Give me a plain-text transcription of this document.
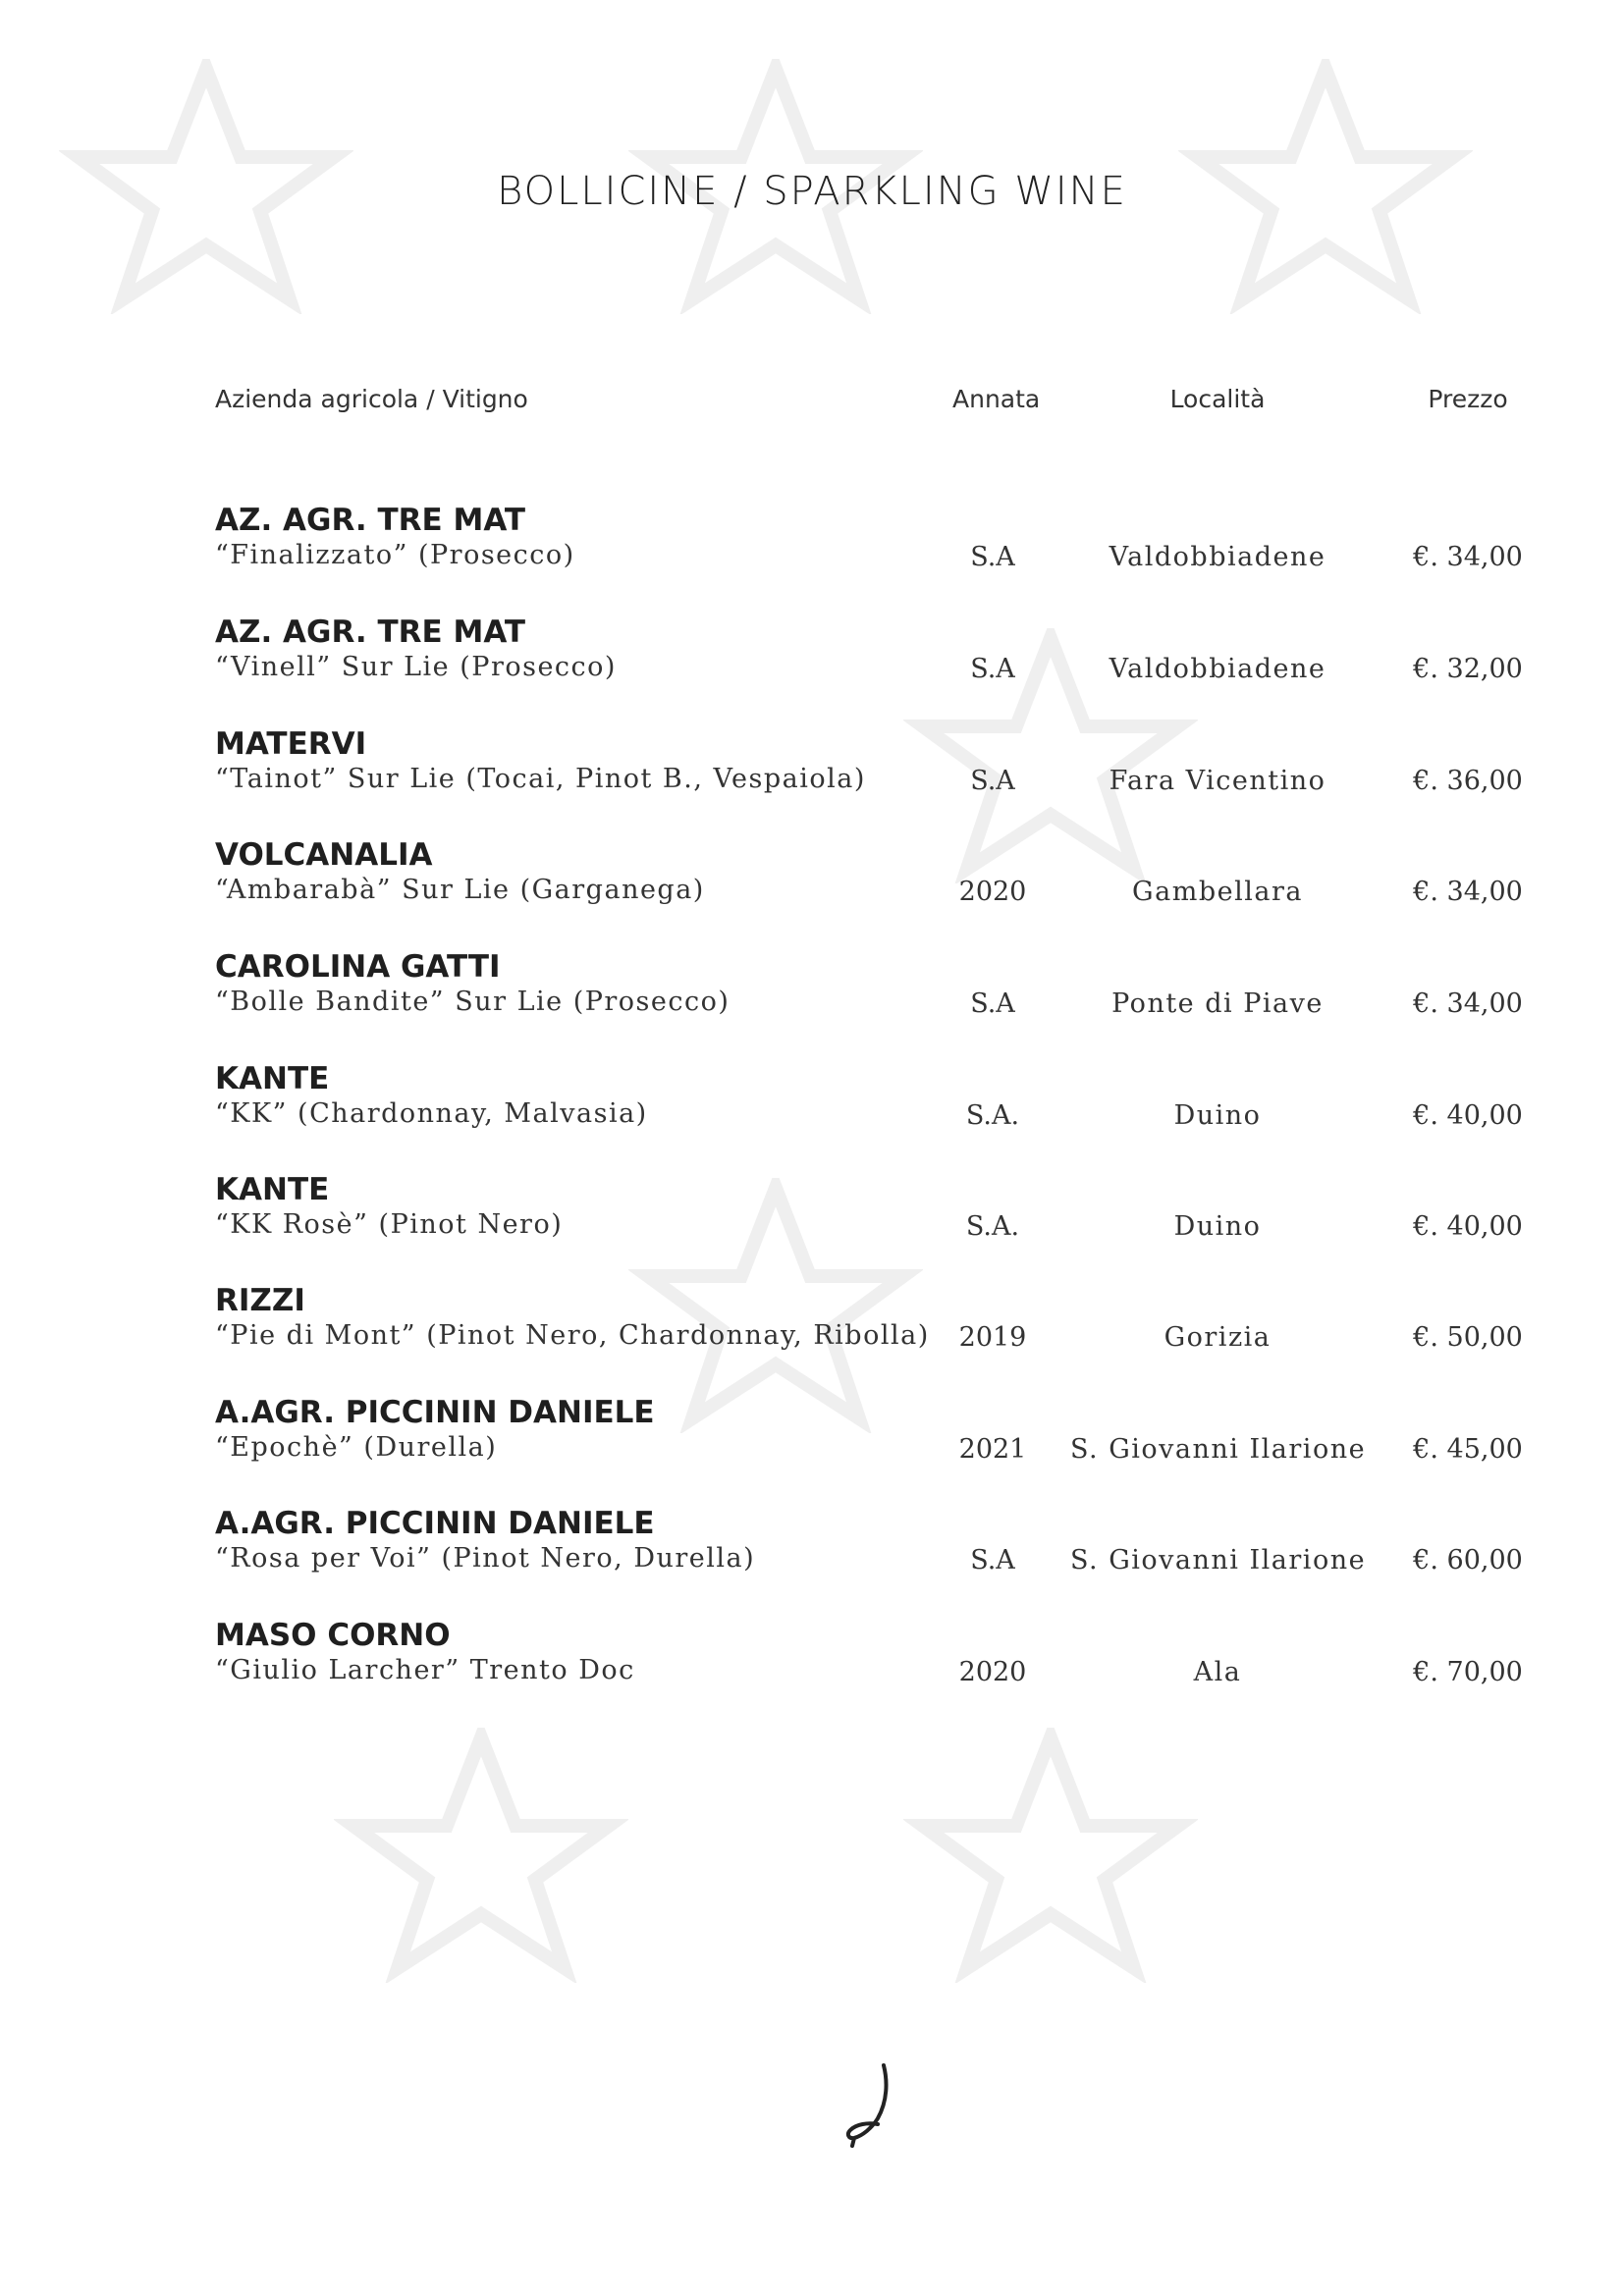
BOLLICINE / SPARKLING WINE
Azienda agricola / Vitigno	Annata	Località	Prezzo
AZ. AGR. TRE MAT
“Finalizzato” (Prosecco)	S.A	Valdobbiadene	€. 34,00
AZ. AGR. TRE MAT
“Vinell” Sur Lie (Prosecco)	S.A	Valdobbiadene	€. 32,00
MATERVI
“Tainot” Sur Lie (Tocai, Pinot B., Vespaiola)	S.A	Fara Vicentino	€. 36,00
VOLCANALIA
“Ambarabà” Sur Lie (Garganega)	2020	Gambellara	€. 34,00
CAROLINA GATTI
“Bolle Bandite” Sur Lie (Prosecco)	S.A	Ponte di Piave	€. 34,00
KANTE
“KK” (Chardonnay, Malvasia)	S.A.	Duino	€. 40,00
KANTE
“KK Rosè” (Pinot Nero)	S.A.	Duino	€. 40,00
RIZZI
“Pie di Mont” (Pinot Nero, Chardonnay, Ribolla)	2019	Gorizia	€. 50,00
A.AGR. PICCININ DANIELE
“Epochè” (Durella)	2021	S. Giovanni Ilarione	€. 45,00
A.AGR. PICCININ DANIELE
“Rosa per Voi” (Pinot Nero, Durella)	S.A	S. Giovanni Ilarione	€. 60,00
MASO CORNO
“Giulio Larcher” Trento Doc	2020	Ala	€. 70,00
